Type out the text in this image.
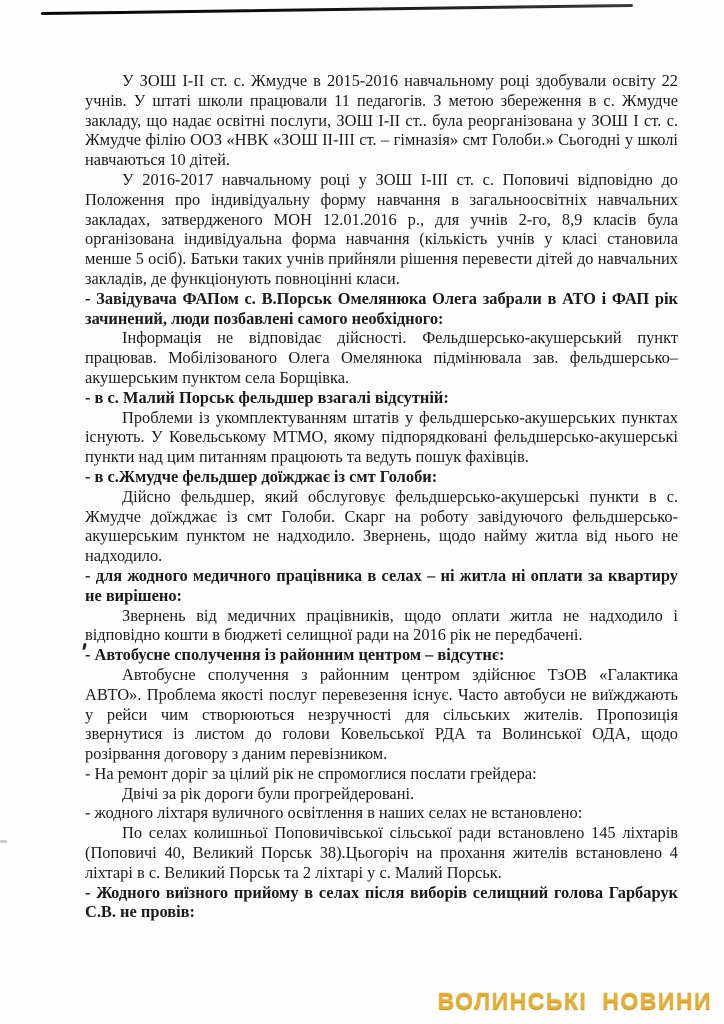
У ЗОШ І-ІІ ст. с. Жмудче в 2015-2016 навчальному році здобували освіту 22 учнів. У штаті школи працювали 11 педагогів. З метою збереження в с. Жмудче закладу, що надає освітні послуги, ЗОШ І-ІІ ст.. була реорганізована у ЗОШ І ст. с. Жмудче філію ООЗ «НВК «ЗОШ ІІ-ІІІ ст. – гімназія» смт Голоби.» Сьогодні у школі навчаються 10 дітей.

У 2016-2017 навчальному році у ЗОШ І-ІІІ ст. с. Поповичі відповідно до Положення про індивідуальну форму навчання в загальноосвітніх навчальних закладах, затвердженого МОН 12.01.2016 р., для учнів 2-го, 8,9 класів була організована індивідуальна форма навчання (кількість учнів у класі становила менше 5 осіб). Батьки таких учнів прийняли рішення перевести дітей до навчальних закладів, де функціонують повноцінні класи.

- Завідувача ФАПом с. В.Порськ Омелянюка Олега забрали в АТО і ФАП рік зачинений, люди позбавлені самого необхідного:

Інформація не відповідає дійсності. Фельдшерсько-акушерський пункт працював. Мобілізованого Олега Омелянюка підмінювала зав. фельдшерсько–акушерським пунктом села Борщівка.

- в с. Малий Порськ фельдшер взагалі відсутній:

Проблеми із укомплектуванням штатів у фельдшерсько-акушерських пунктах існують. У Ковельському МТМО, якому підпорядковані фельдшерсько-акушерські пункти над цим питанням працюють та ведуть пошук фахівців.

- в с.Жмудче фельдшер доїжджає із смт Голоби:

Дійсно фельдшер, який обслуговує фельдшерсько-акушерські пункти в с. Жмудче доїжджає із смт Голоби. Скарг на роботу завідуючого фельдшерсько-акушерським пунктом не надходило. Звернень, щодо найму житла від нього не надходило.

- для жодного медичного працівника в селах – ні житла ні оплати за квартиру не вирішено:

Звернень від медичних працівників, щодо оплати житла не надходило і відповідно кошти в бюджеті селищної ради на 2016 рік не передбачені.

- Автобусне сполучення із районним центром – відсутнє:

Автобусне сполучення з районним центром здійснює ТзОВ «Галактика АВТО». Проблема якості послуг перевезення існує. Часто автобуси не виїжджають у рейси чим створюються незручності для сільських жителів. Пропозиція звернутися із листом до голови Ковельської РДА та Волинської ОДА, щодо розірвання договору з даним перевізником.

- На ремонт доріг за цілий рік не спромоглися послати грейдера:

Двічі за рік дороги були прогрейдеровані.

- жодного ліхтаря вуличного освітлення в наших селах не встановлено:

По селах колишньої Поповичівської сільської ради встановлено 145 ліхтарів (Поповичі 40, Великий Порськ 38).Цьогоріч на прохання жителів встановлено 4 ліхтарі в с. Великий Порськ та 2 ліхтарі у с. Малий Порськ.

- Жодного виїзного прийому в селах після виборів селищний голова Гарбарук С.В. не провів:
ВОЛИНСЬКІ НОВИНИ
